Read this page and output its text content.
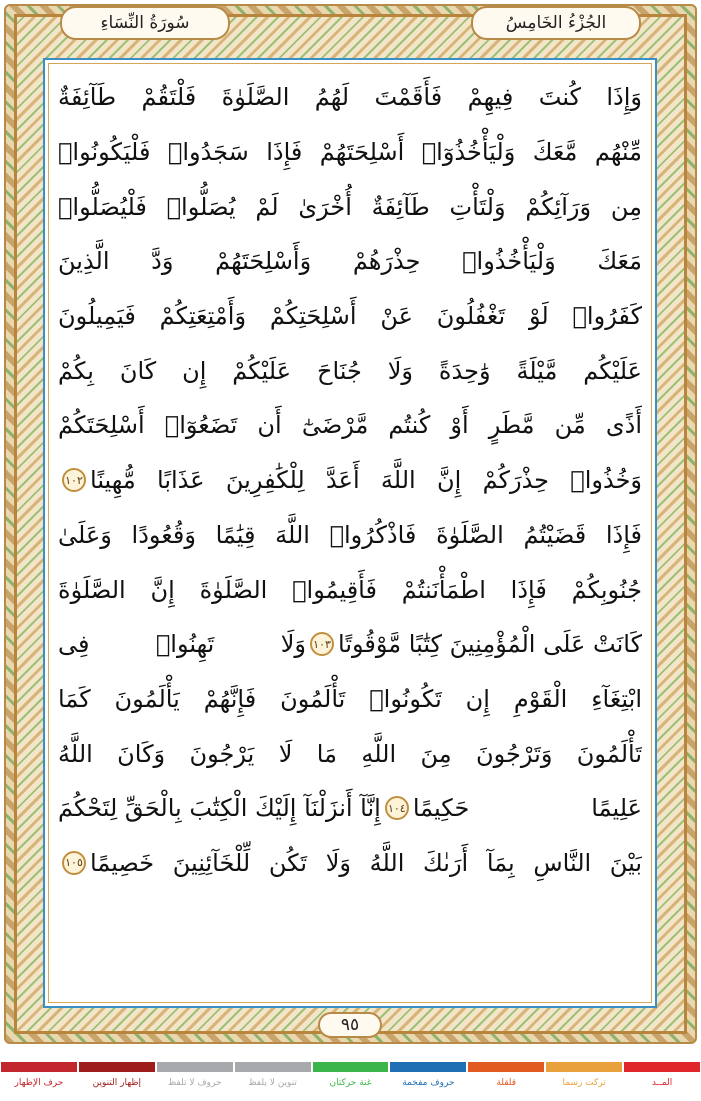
سُورَةُ النِّسَاءِ	الجُزْءُ الخَامِسُ
وَإِذَا كُنتَ فِيهِمْ فَأَقَمْتَ لَهُمُ الصَّلَوٰةَ فَلْتَقُمْ طَآئِفَةٌ
مِّنْهُم مَّعَكَ وَلْيَأْخُذُوٓا۟ أَسْلِحَتَهُمْ فَإِذَا سَجَدُوا۟ فَلْيَكُونُوا۟
مِن وَرَآئِكُمْ وَلْتَأْتِ طَآئِفَةٌ أُخْرَىٰ لَمْ يُصَلُّوا۟ فَلْيُصَلُّوا۟
مَعَكَ وَلْيَأْخُذُوا۟ حِذْرَهُمْ وَأَسْلِحَتَهُمْ وَدَّ الَّذِينَ
كَفَرُوا۟ لَوْ تَغْفُلُونَ عَنْ أَسْلِحَتِكُمْ وَأَمْتِعَتِكُمْ فَيَمِيلُونَ
عَلَيْكُم مَّيْلَةً وَٰحِدَةً وَلَا جُنَاحَ عَلَيْكُمْ إِن كَانَ بِكُمْ
أَذًى مِّن مَّطَرٍ أَوْ كُنتُم مَّرْضَىٰٓ أَن تَضَعُوٓا۟ أَسْلِحَتَكُمْ
وَخُذُوا۟ حِذْرَكُمْ إِنَّ اللَّهَ أَعَدَّ لِلْكَٰفِرِينَ عَذَابًا مُّهِينًا
١٠٢
فَإِذَا قَضَيْتُمُ الصَّلَوٰةَ فَاذْكُرُوا۟ اللَّهَ قِيَٰمًا وَقُعُودًا وَعَلَىٰ
جُنُوبِكُمْ فَإِذَا اطْمَأْنَنتُمْ فَأَقِيمُوا۟ الصَّلَوٰةَ إِنَّ الصَّلَوٰةَ
كَانَتْ عَلَى الْمُؤْمِنِينَ كِتَٰبًا مَّوْقُوتًا
١٠٣
وَلَا تَهِنُوا۟ فِى
ابْتِغَآءِ الْقَوْمِ إِن تَكُونُوا۟ تَأْلَمُونَ فَإِنَّهُمْ يَأْلَمُونَ كَمَا
تَأْلَمُونَ وَتَرْجُونَ مِنَ اللَّهِ مَا لَا يَرْجُونَ وَكَانَ اللَّهُ
عَلِيمًا حَكِيمًا
١٠٤
إِنَّآ أَنزَلْنَآ إِلَيْكَ الْكِتَٰبَ بِالْحَقِّ لِتَحْكُمَ
بَيْنَ النَّاسِ بِمَآ أَرَىٰكَ اللَّهُ وَلَا تَكُن لِّلْخَآئِنِينَ خَصِيمًا
١٠٥
٩٥
المــد
تركت رسما
قلقلة
حروف مفخمة
غنة حركتان
تنوين لا يلفظ
حروف لا تلفظ
إظهار التنوين
حرف الإظهار
